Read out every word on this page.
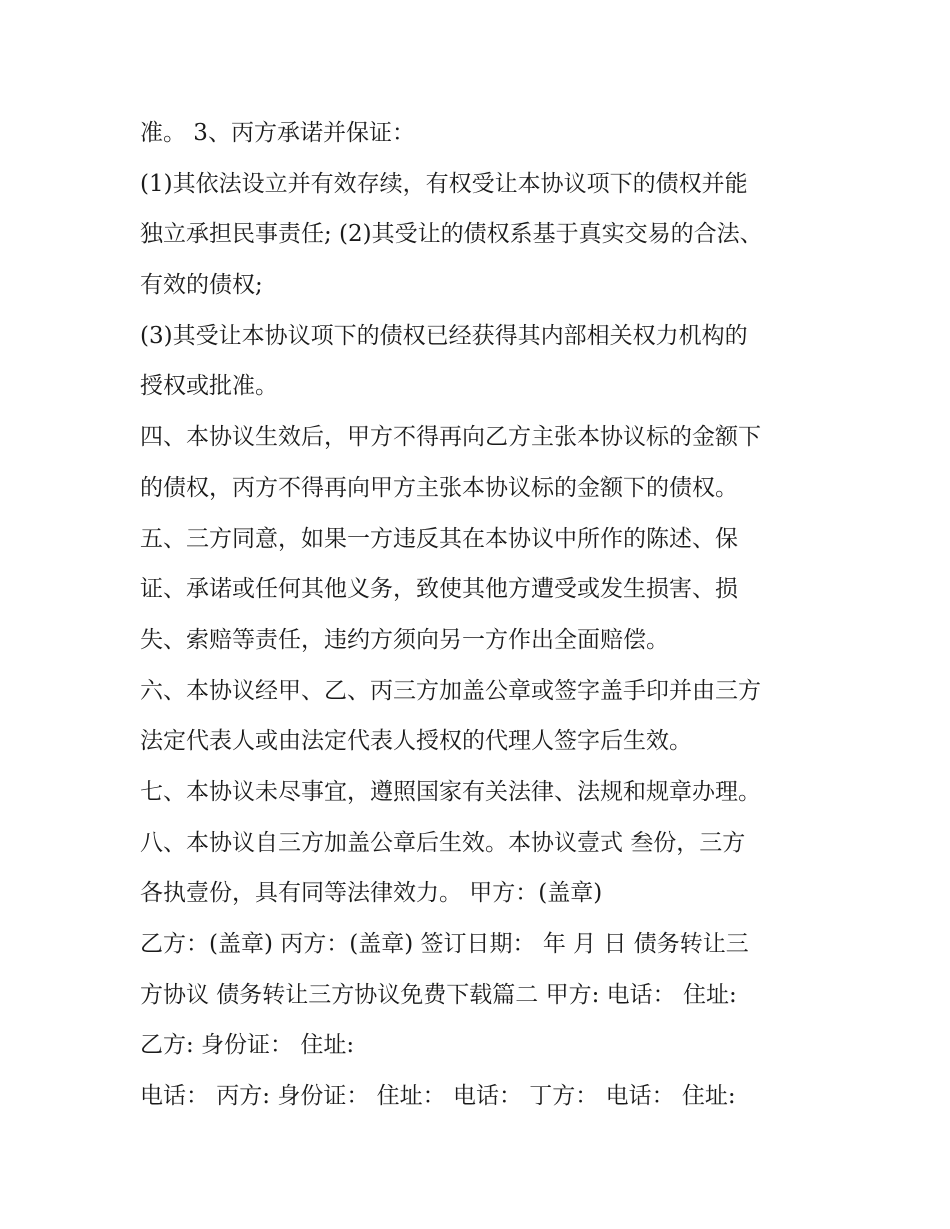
准。 3、丙方承诺并保证：
(1)其依法设立并有效存续，有权受让本协议项下的债权并能
独立承担民事责任; (2)其受让的债权系基于真实交易的合法、
有效的债权;
(3)其受让本协议项下的债权已经获得其内部相关权力机构的
授权或批准。
四、本协议生效后，甲方不得再向乙方主张本协议标的金额下
的债权，丙方不得再向甲方主张本协议标的金额下的债权。
五、三方同意，如果一方违反其在本协议中所作的陈述、保
证、承诺或任何其他义务，致使其他方遭受或发生损害、损
失、索赔等责任，违约方须向另一方作出全面赔偿。
六、本协议经甲、乙、丙三方加盖公章或签字盖手印并由三方
法定代表人或由法定代表人授权的代理人签字后生效。
七、本协议未尽事宜，遵照国家有关法律、法规和规章办理。
八、本协议自三方加盖公章后生效。本协议壹式 叁份，三方
各执壹份，具有同等法律效力。 甲方：(盖章)
乙方：(盖章) 丙方：(盖章) 签订日期： 年 月 日 债务转让三
方协议 债务转让三方协议免费下载篇二 甲方: 电话： 住址:
乙方: 身份证： 住址:
电话： 丙方: 身份证： 住址： 电话： 丁方： 电话： 住址:
